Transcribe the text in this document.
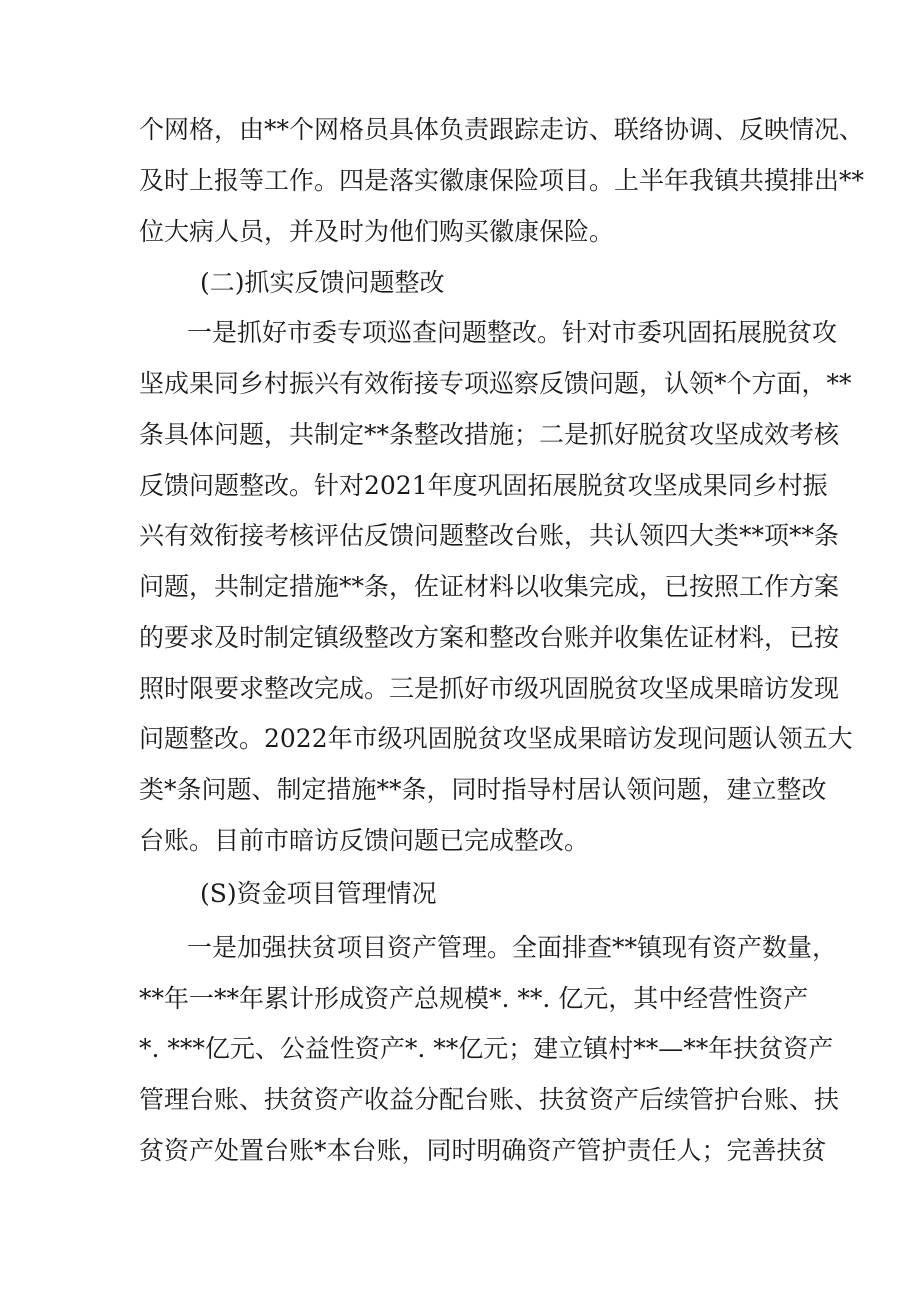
个网格，由**个网格员具体负责跟踪走访、联络协调、反映情况、
及时上报等工作。四是落实徽康保险项目。上半年我镇共摸排出**
位大病人员，并及时为他们购买徽康保险。
(二)抓实反馈问题整改
一是抓好市委专项巡查问题整改。针对市委巩固拓展脱贫攻
坚成果同乡村振兴有效衔接专项巡察反馈问题，认领*个方面，**
条具体问题，共制定**条整改措施；二是抓好脱贫攻坚成效考核
反馈问题整改。针对2021年度巩固拓展脱贫攻坚成果同乡村振
兴有效衔接考核评估反馈问题整改台账，共认领四大类**项**条
问题，共制定措施**条，佐证材料以收集完成，已按照工作方案
的要求及时制定镇级整改方案和整改台账并收集佐证材料，已按
照时限要求整改完成。三是抓好市级巩固脱贫攻坚成果暗访发现
问题整改。2022年市级巩固脱贫攻坚成果暗访发现问题认领五大
类*条问题、制定措施**条，同时指导村居认领问题，建立整改
台账。目前市暗访反馈问题已完成整改。
(S)资金项目管理情况
一是加强扶贫项目资产管理。全面排查**镇现有资产数量，
**年一**年累计形成资产总规模*. **. 亿元，其中经营性资产
*. ***亿元、公益性资产*. **亿元；建立镇村**—**年扶贫资产
管理台账、扶贫资产收益分配台账、扶贫资产后续管护台账、扶
贫资产处置台账*本台账，同时明确资产管护责任人；完善扶贫
